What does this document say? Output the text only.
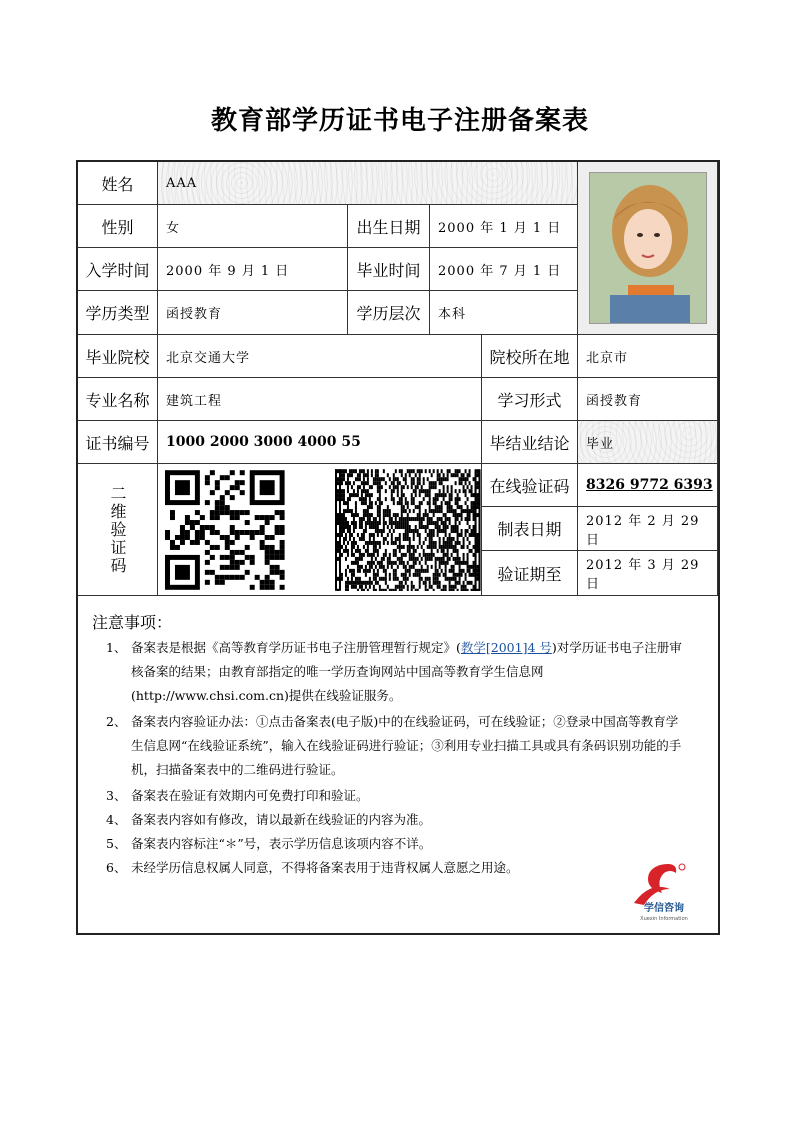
教育部学历证书电子注册备案表
姓名	AAA
性别	女	出生日期	2000 年 1 月 1 日
入学时间	2000 年 9 月 1 日	毕业时间	2000 年 7 月 1 日
学历类型	函授教育	学历层次	本科
毕业院校	北京交通大学	院校所在地	北京市
专业名称	建筑工程	学习形式	函授教育
证书编号	1000 2000 3000 4000 55	毕结业结论	毕业
二维验证码	在线验证码	8326 9772 6393
制表日期	2012 年 2 月 29 日
验证期至	2012 年 3 月 29 日
注意事项：
1、 备案表是根据《高等教育学历证书电子注册管理暂行规定》(教学[2001]4 号)对学历证书电子注册审核备案的结果；由教育部指定的唯一学历查询网站中国高等教育学生信息网(http://www.chsi.com.cn)提供在线验证服务。
2、 备案表内容验证办法：①点击备案表(电子版)中的在线验证码，可在线验证；②登录中国高等教育学生信息网“在线验证系统”，输入在线验证码进行验证；③利用专业扫描工具或具有条码识别功能的手机，扫描备案表中的二维码进行验证。
3、 备案表在验证有效期内可免费打印和验证。
4、 备案表内容如有修改，请以最新在线验证的内容为准。
5、 备案表内容标注“＊”号，表示学历信息该项内容不详。
6、 未经学历信息权属人同意，不得将备案表用于违背权属人意愿之用途。
学信咨询
Xuexin Information
